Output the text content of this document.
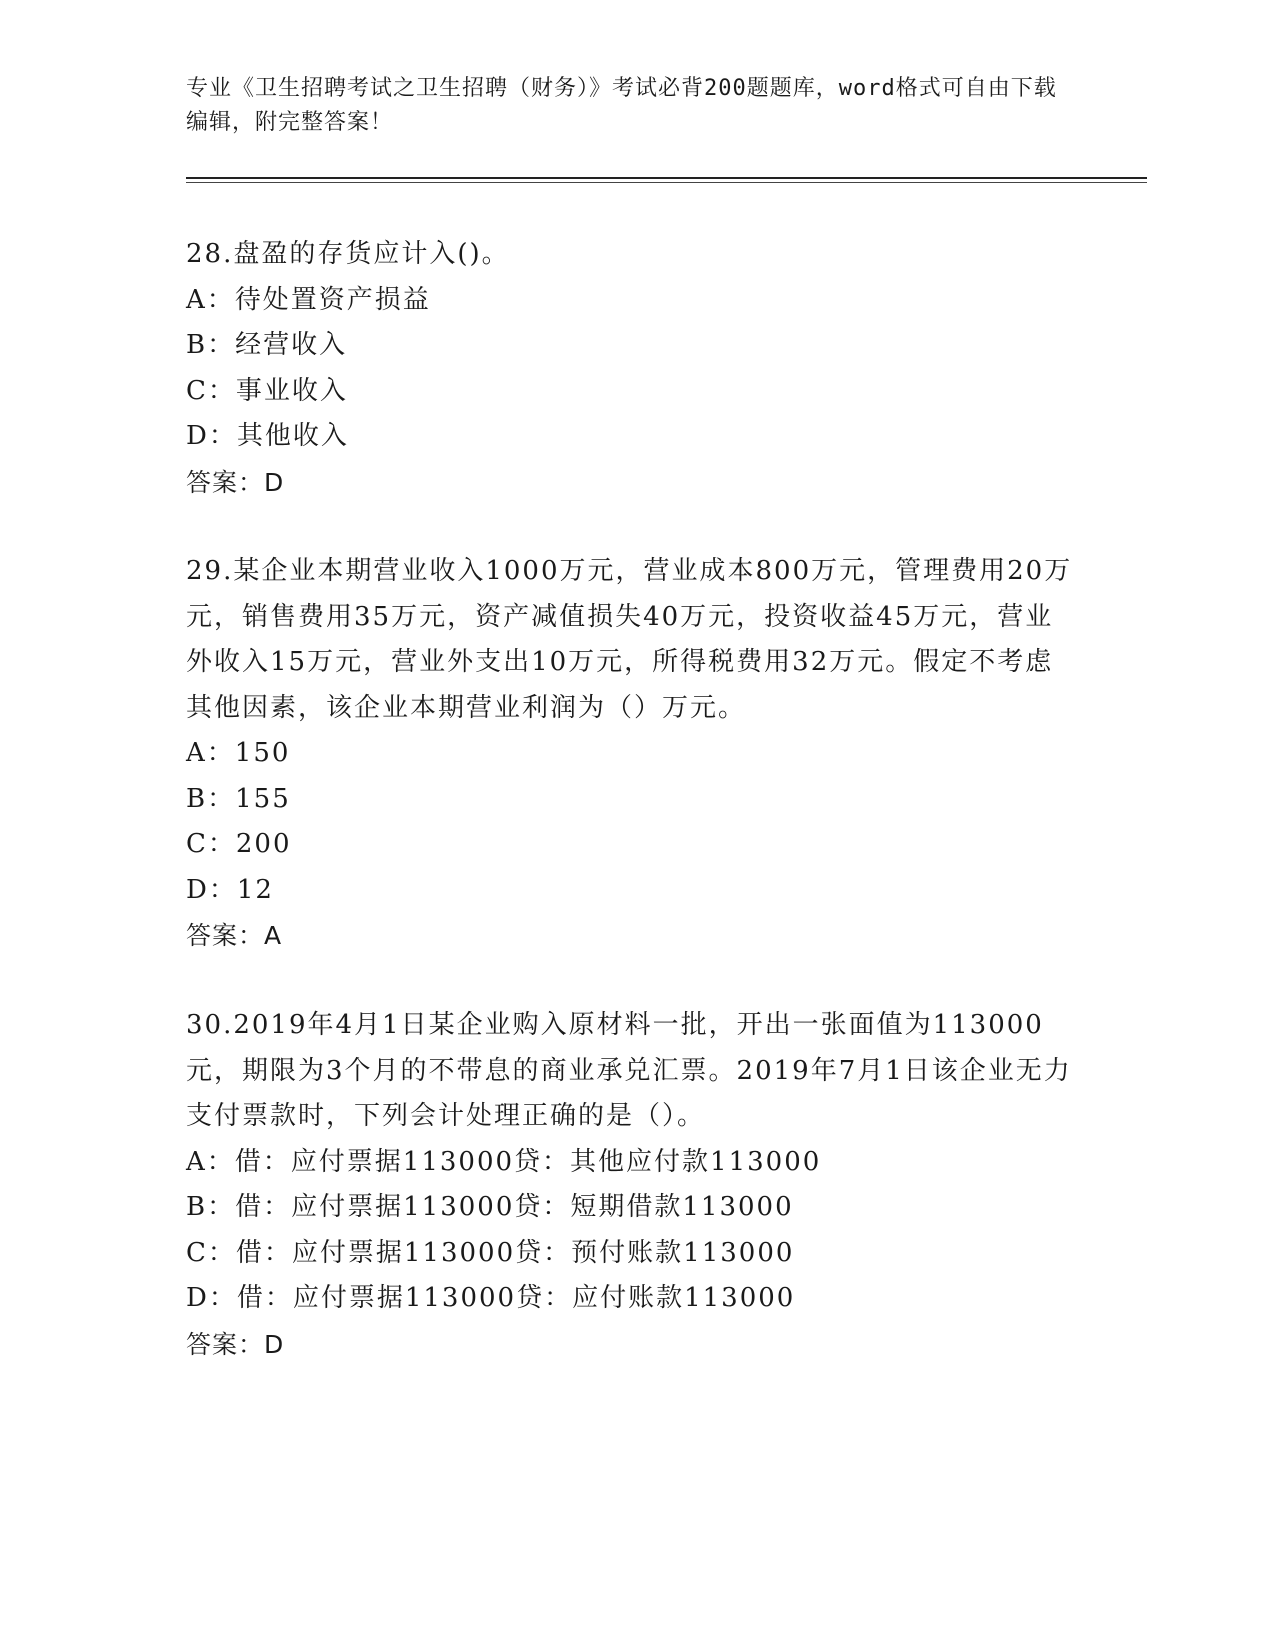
专业《卫生招聘考试之卫生招聘（财务）》考试必背200题题库，word格式可自由下载编辑，附完整答案！

28.盘盈的存货应计入()。

A：待处置资产损益

B：经营收入

C：事业收入

D：其他收入

答案：D

29.某企业本期营业收入1000万元，营业成本800万元，管理费用20万元，销售费用35万元，资产减值损失40万元，投资收益45万元，营业外收入15万元，营业外支出10万元，所得税费用32万元。假定不考虑其他因素，该企业本期营业利润为（）万元。

A：150

B：155

C：200

D：12

答案：A

30.2019年4月1日某企业购入原材料一批，开出一张面值为113000元，期限为3个月的不带息的商业承兑汇票。2019年7月1日该企业无力支付票款时，下列会计处理正确的是（）。

A：借：应付票据113000贷：其他应付款113000

B：借：应付票据113000贷：短期借款113000

C：借：应付票据113000贷：预付账款113000

D：借：应付票据113000贷：应付账款113000

答案：D
